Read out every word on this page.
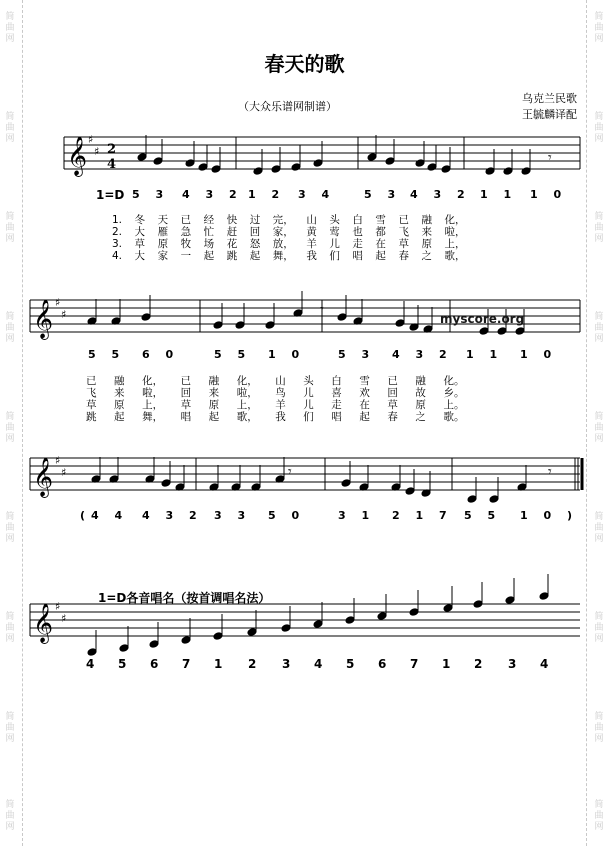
简 曲 网
简 曲 网
简 曲 网
简 曲 网
简 曲 网
简 曲 网
简 曲 网
简 曲 网
简 曲 网
简 曲 网
简 曲 网
简 曲 网
简 曲 网
简 曲 网
简 曲 网
简 曲 网
简 曲 网
简 曲 网
春天的歌
（大众乐谱网制谱）
乌克兰民歌
王毓麟译配
𝄞 ♯
♯
𝄞 ♯
♯
𝄞 ♯
♯
𝄞 ♯
♯
𝄾
𝄾
𝄾	𝄾
2
4
myscore.org
1=D 5 3 4 3 2 1 2 3 4	5 3 4 3 2 1 1 1 0
5 5 6 0	5 5 1 0	5 3 4 3 2 1 1 1 0
(4 4 4 3 2 3 3 5 0	3 1 2 1 7 5 5 1 0 )
1. 冬 天 已 经 快 过 完， 山 头 白 雪 已 融 化，
2. 大 雁 急 忙 赶 回 家， 黄 莺 也 都 飞 来 啦，
3. 草 原 牧 场 花 怒 放， 羊 儿 走 在 草 原 上，
4. 大 家 一 起 跳 起 舞， 我 们 唱 起 春 之 歌，
已 融 化， 已 融 化， 山 头 白 雪 已 融 化。
飞 来 啦， 回 来 啦， 鸟 儿 喜 欢 回 故 乡。
草 原 上， 草 原 上， 羊 儿 走 在 草 原 上。
跳 起 舞， 唱 起 歌， 我 们 唱 起 春 之 歌。
1=D各音唱名（按首调唱名法）
4 5 6 7 1 2 3 4 5 6 7 1 2 3 4
